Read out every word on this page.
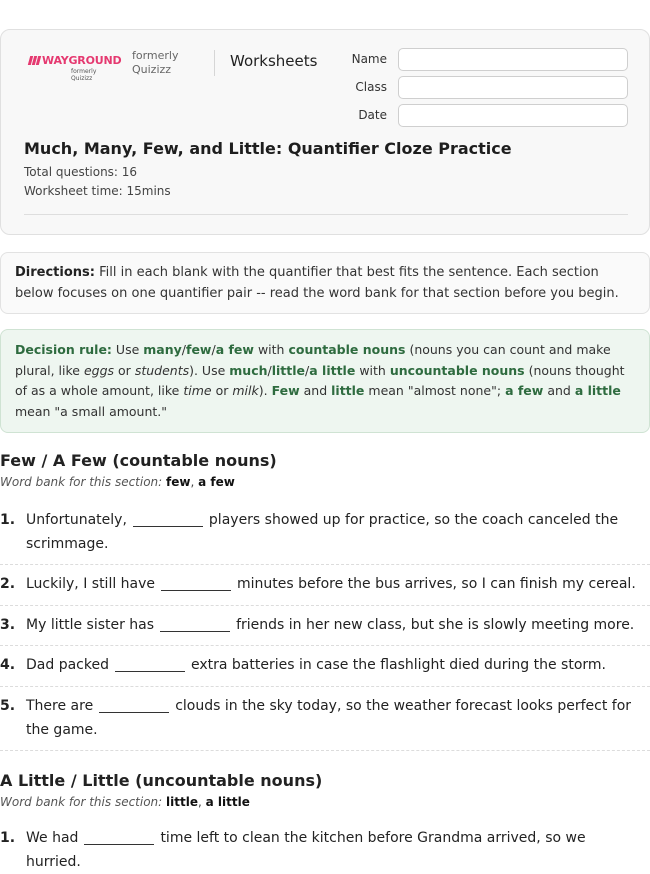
WAYGROUND
formerly Quizizz
formerly
Quizizz	Worksheets	Name
Class
Date
Much, Many, Few, and Little: Quantifier Cloze Practice
Total questions: 16
Worksheet time: 15mins
Directions: Fill in each blank with the quantifier that best fits the sentence. Each section below focuses on one quantifier pair -- read the word bank for that section before you begin.
Decision rule: Use many/few/a few with countable nouns (nouns you can count and make plural, like eggs or students). Use much/little/a little with uncountable nouns (nouns thought of as a whole amount, like time or milk). Few and little mean "almost none"; a few and a little mean "a small amount."
Few / A Few (countable nouns)
Word bank for this section: few, a few
1. Unfortunately,	players showed up for practice, so the coach canceled the scrimmage.
2. Luckily, I still have	minutes before the bus arrives, so I can finish my cereal.
3. My little sister has	friends in her new class, but she is slowly meeting more.
4. Dad packed	extra batteries in case the flashlight died during the storm.
5. There are	clouds in the sky today, so the weather forecast looks perfect for the game.
A Little / Little (uncountable nouns)
Word bank for this section: little, a little
1. We had	time left to clean the kitchen before Grandma arrived, so we hurried.
